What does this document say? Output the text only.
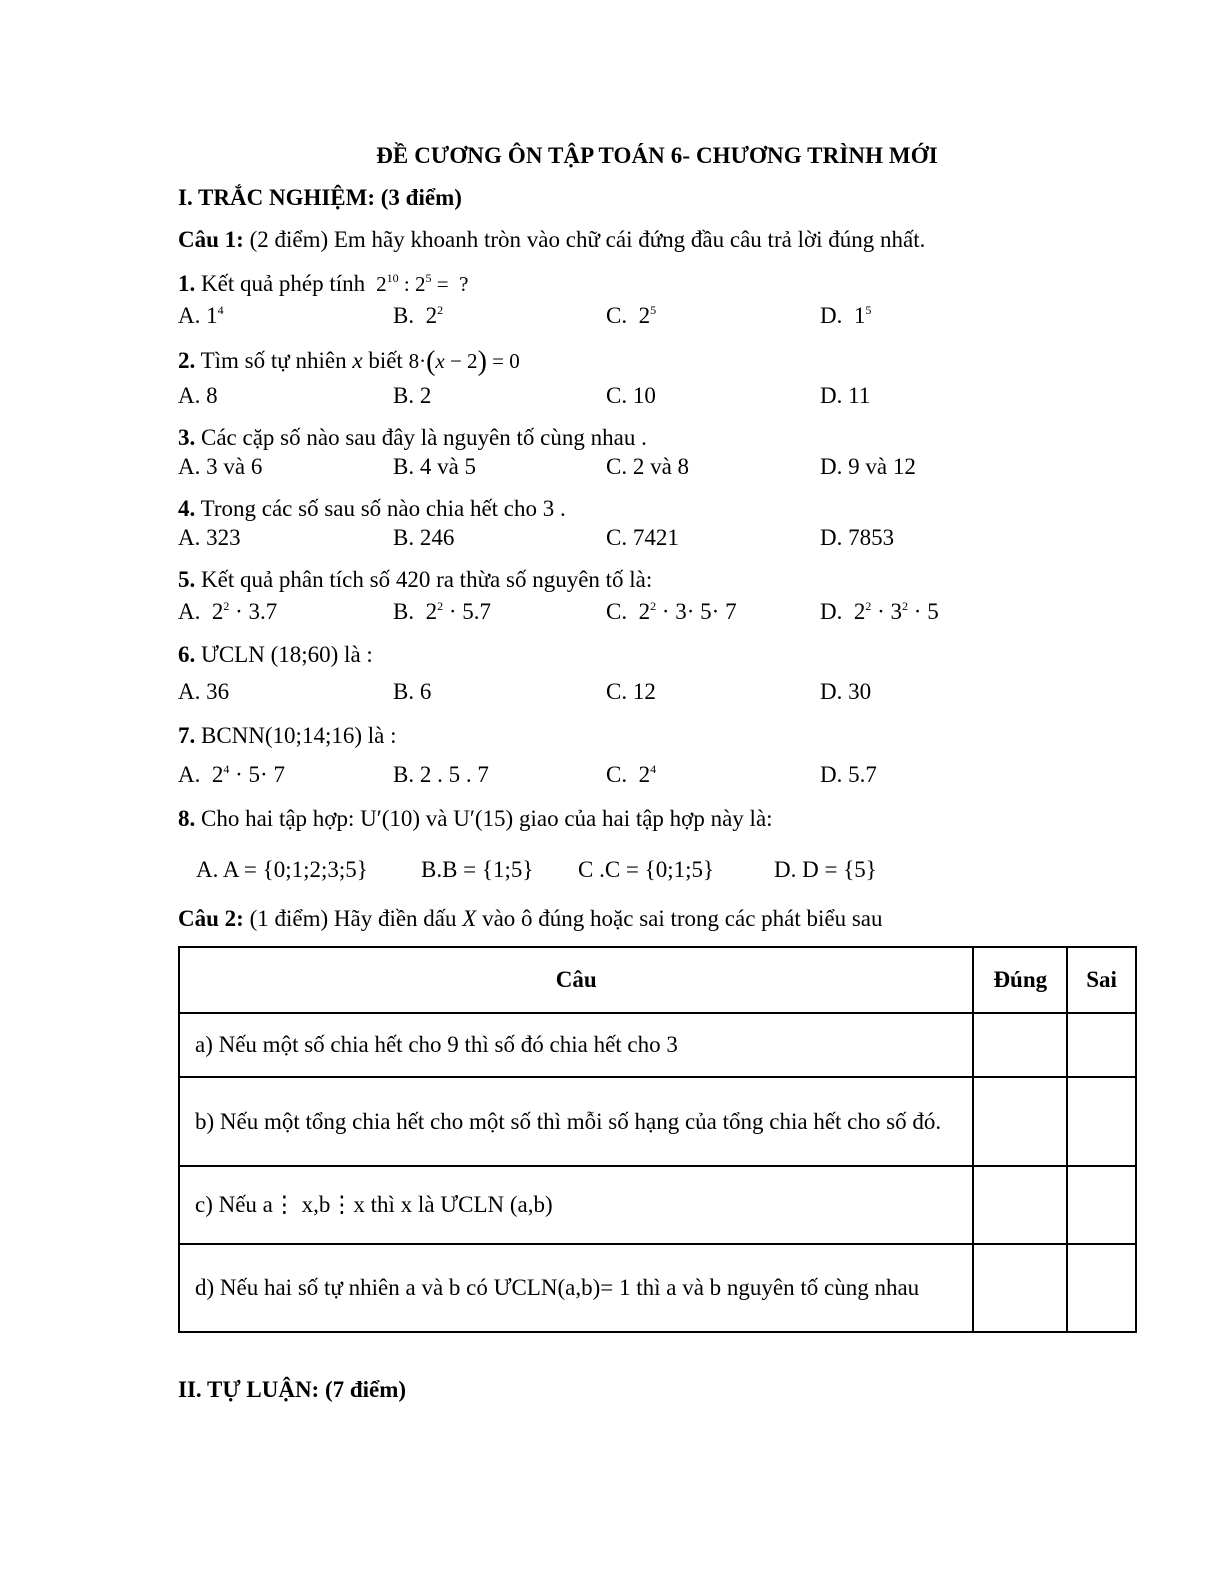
ĐỀ CƯƠNG ÔN TẬP TOÁN 6- CHƯƠNG TRÌNH MỚI
I. TRẮC NGHIỆM: (3 điểm)
Câu 1: (2 điểm) Em hãy khoanh tròn vào chữ cái đứng đầu câu trả lời đúng nhất.
1. Kết quả phép tính  $2^{10}$ : $2^5$ =  ?
A. $1^4$	B.  $2^2$	C.  $2^5$	D.  $1^5$
2. Tìm số tự nhiên x biết 8·(x − 2) = 0
A. 8	B. 2	C. 10	D. 11
3. Các cặp số nào sau đây là nguyên tố cùng nhau .
A. 3 và 6	B. 4 và 5	C. 2 và 8	D. 9 và 12
4. Trong các số sau số nào chia hết cho 3 .
A. 323	B. 246	C. 7421	D. 7853
5. Kết quả phân tích số 420 ra thừa số nguyên tố là:
A.  $2^2 \cdot 3.7$	B.  $2^2 \cdot 5.7$	C.  $2^2 \cdot 3\cdot 5\cdot 7$	D.  $2^2 \cdot 3^2 \cdot 5$
6. ƯCLN (18;60) là :
A. 36	B. 6	C. 12	D. 30
7. BCNN(10;14;16) là :
A.  $2^4 \cdot 5\cdot 7$	B. 2 . 5 . 7	C.  $2^4$	D. 5.7
8. Cho hai tập hợp: U′(10) và U′(15) giao của hai tập hợp này là:
A. A = {0;1;2;3;5} B.B = {1;5} C .C = {0;1;5}	D. D = {5}
Câu 2: (1 điểm) Hãy điền dấu X vào ô đúng hoặc sai trong các phát biểu sau
Câu	Đúng	Sai
a) Nếu một số chia hết cho 9 thì số đó chia hết cho 3		
b) Nếu một tổng chia hết cho một số thì mỗi số hạng của tổng chia hết cho số đó.		
c) Nếu a⋮ x,b⋮x thì x là ƯCLN (a,b)		
d) Nếu hai số tự nhiên a và b có ƯCLN(a,b)= 1 thì a và b nguyên tố cùng nhau		
II. TỰ LUẬN: (7 điểm)
